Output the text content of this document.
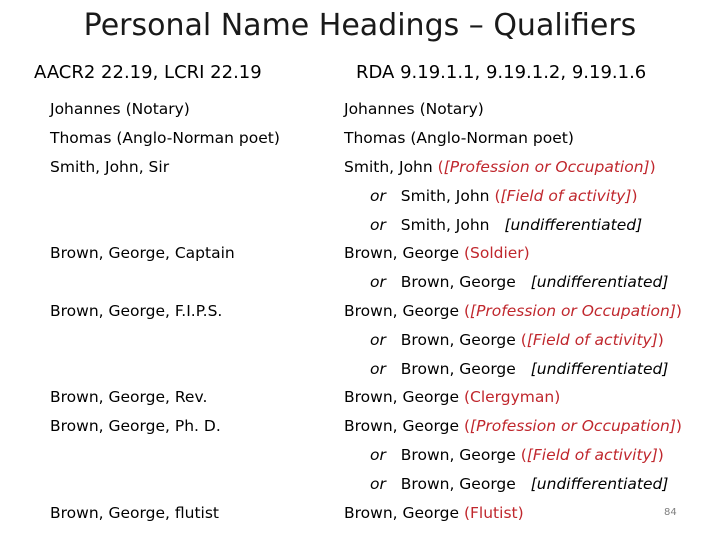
Personal Name Headings – Qualifiers
AACR2 22.19, LCRI 22.19	RDA 9.19.1.1, 9.19.1.2, 9.19.1.6
Johannes (Notary)
Thomas (Anglo-Norman poet)
Smith, John, Sir
Brown, George, Captain
Brown, George, F.I.P.S.
Brown, George, Rev.
Brown, George, Ph. D.
Brown, George, flutist
Johannes (Notary)
Thomas (Anglo-Norman poet)
Smith, John ([Profession or Occupation])
or Smith, John ([Field of activity])
or Smith, John [undifferentiated]
Brown, George (Soldier)
or Brown, George [undifferentiated]
Brown, George ([Profession or Occupation])
or Brown, George ([Field of activity])
or Brown, George [undifferentiated]
Brown, George (Clergyman)
Brown, George ([Profession or Occupation])
or Brown, George ([Field of activity])
or Brown, George [undifferentiated]
Brown, George (Flutist)	84
